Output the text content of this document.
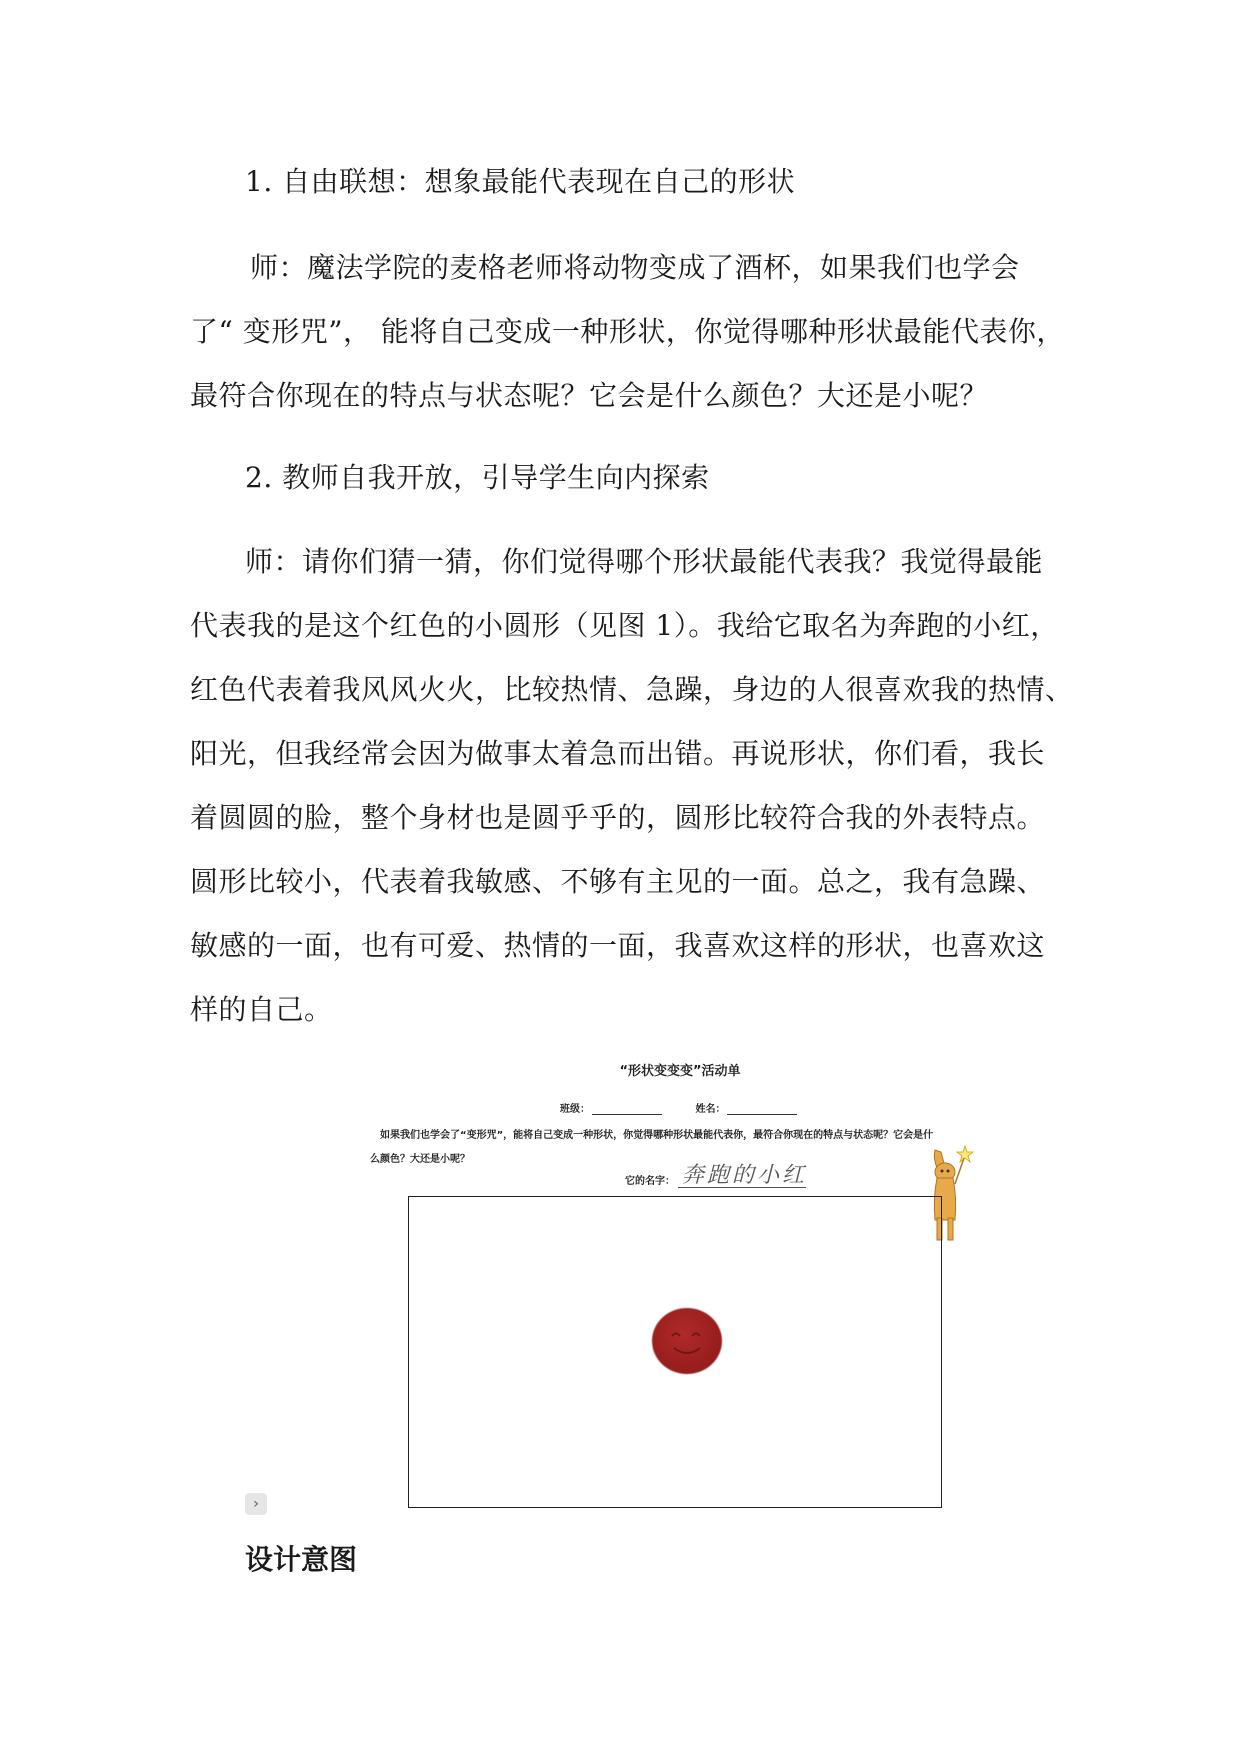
1. 自由联想：想象最能代表现在自己的形状
师：魔法学院的麦格老师将动物变成了酒杯，如果我们也学会
了“ 变形咒”， 能将自己变成一种形状，你觉得哪种形状最能代表你，
最符合你现在的特点与状态呢？它会是什么颜色？大还是小呢？
2. 教师自我开放，引导学生向内探索
师：请你们猜一猜，你们觉得哪个形状最能代表我？我觉得最能
代表我的是这个红色的小圆形（见图 1）。我给它取名为奔跑的小红，
红色代表着我风风火火，比较热情、急躁，身边的人很喜欢我的热情、
阳光，但我经常会因为做事太着急而出错。再说形状，你们看，我长
着圆圆的脸，整个身材也是圆乎乎的，圆形比较符合我的外表特点。
圆形比较小，代表着我敏感、不够有主见的一面。总之，我有急躁、
敏感的一面，也有可爱、热情的一面，我喜欢这样的形状，也喜欢这
样的自己。
“形状变变变”活动单
班级：	姓名：
如果我们也学会了“变形咒”，能将自己变成一种形状，你觉得哪种形状最能代表你，最符合你现在的特点与状态呢？它会是什
么颜色？大还是小呢？
它的名字： 奔跑的小红
›
设计意图
